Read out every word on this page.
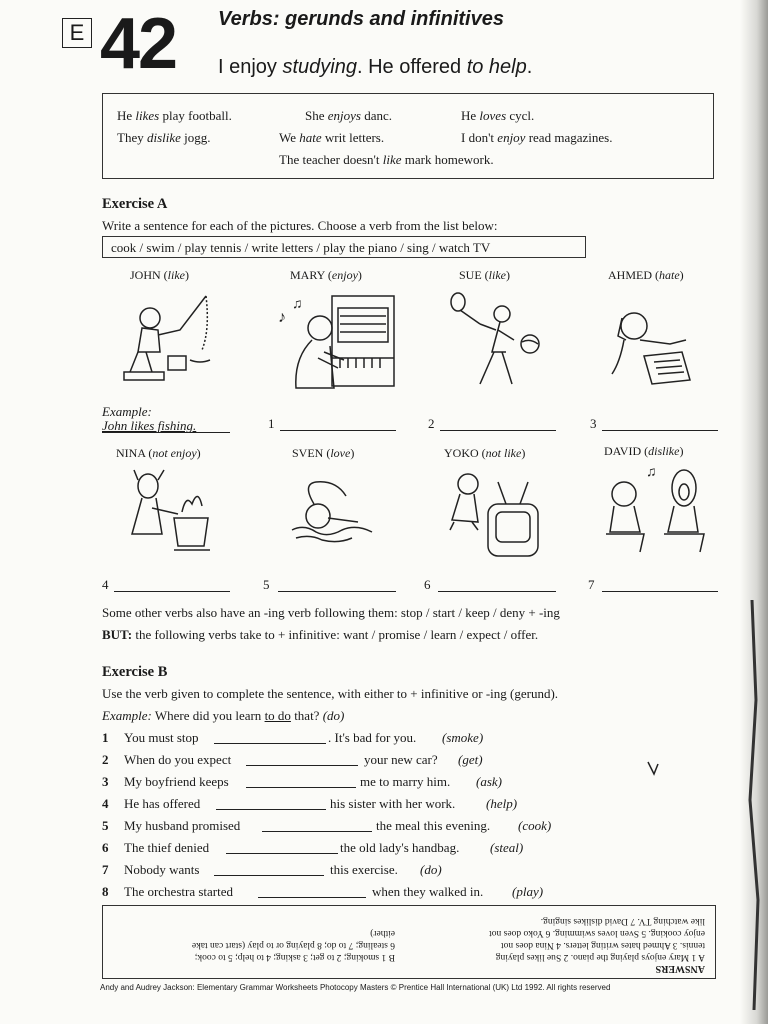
E 42 Verbs: gerunds and infinitives
I enjoy studying. He offered to help.
He likes play football.	She enjoys danc.	He loves cycl.
They dislike jogg.	We hate writ letters.	I don't enjoy read magazines.
The teacher doesn't like mark homework.
Exercise A
Write a sentence for each of the pictures. Choose a verb from the list below:
cook / swim / play tennis / write letters / play the piano / sing / watch TV
JOHN (like)	MARY (enjoy)	SUE (like)	AHMED (hate)
♪
♫
Example:
John likes fishing.	1	2	3
NINA (not enjoy)	SVEN (love)	YOKO (not like)	DAVID (dislike)
♫
4	5	6	7
Some other verbs also have an -ing verb following them: stop / start / keep / deny + -ing
BUT: the following verbs take to + infinitive: want / promise / learn / expect / offer.
Exercise B
Use the verb given to complete the sentence, with either to + infinitive or -ing (gerund).
Example: Where did you learn to do that? (do)
1 You must stop	. It's bad for you. (smoke)
2 When do you expect	your new car? (get)
3 My boyfriend keeps	me to marry him. (ask)
4 He has offered	his sister with her work. (help)
5 My husband promised	the meal this evening. (cook)
6 The thief denied	the old lady's handbag. (steal)
7 Nobody wants	this exercise. (do)
8 The orchestra started	when they walked in. (play)
ANSWERS
A 1 Mary enjoys playing the piano. 2 Sue likes playing
tennis. 3 Ahmed hates writing letters. 4 Nina does not
enjoy cooking. 5 Sven loves swimming. 6 Yoko does not
like watching TV. 7 David dislikes singing.
B 1 smoking; 2 to get; 3 asking; 4 to help; 5 to cook;
6 stealing; 7 to do; 8 playing or to play (start can take
either)
Andy and Audrey Jackson: Elementary Grammar Worksheets Photocopy Masters © Prentice Hall International (UK) Ltd 1992. All rights reserved
